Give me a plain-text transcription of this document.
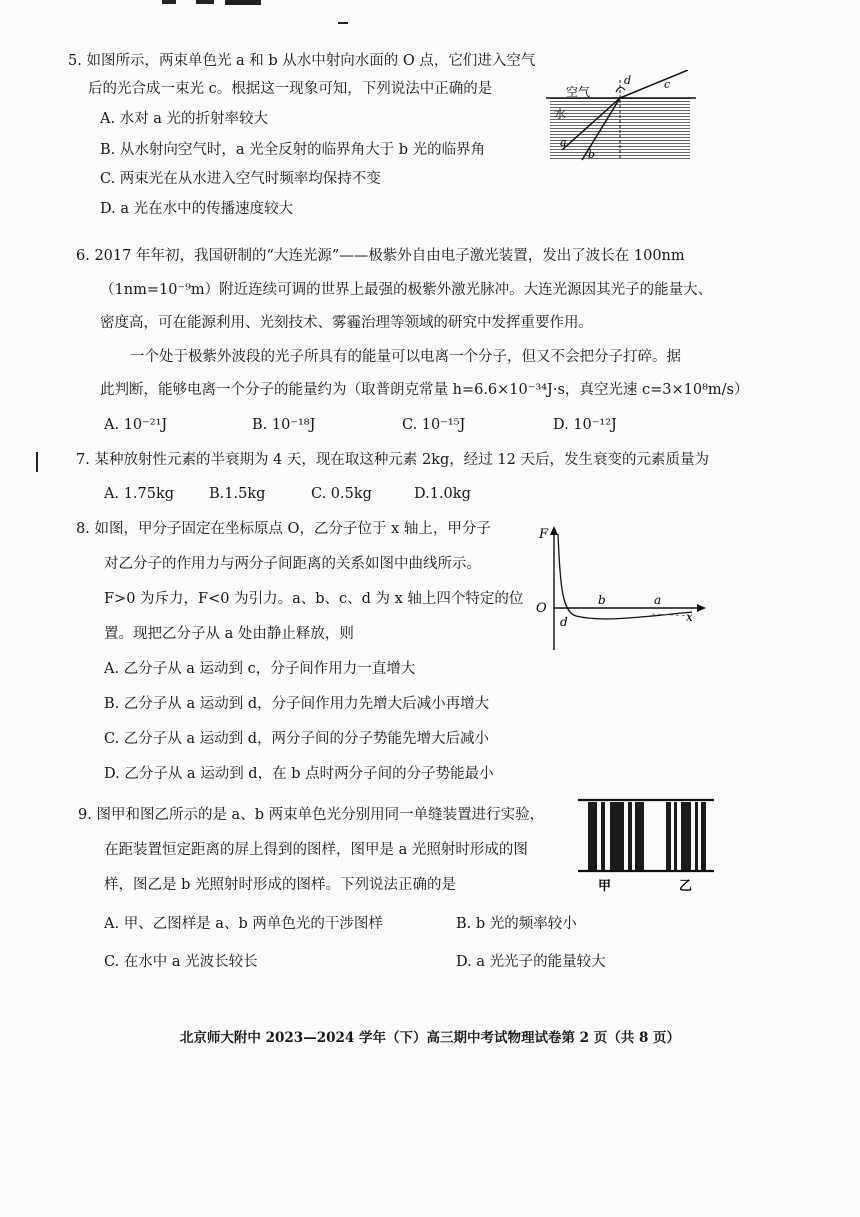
5. 如图所示，两束单色光 a 和 b 从水中射向水面的 O 点，它们进入空气
后的光合成一束光 c。根据这一现象可知，下列说法中正确的是
A. 水对 a 光的折射率较大
B. 从水射向空气时，a 光全反射的临界角大于 b 光的临界角
C. 两束光在从水进入空气时频率均保持不变
D. a 光在水中的传播速度较大
空气
水
c
d
a
b
6. 2017 年年初，我国研制的“大连光源”——极紫外自由电子激光装置，发出了波长在 100nm
（1nm=10⁻⁹m）附近连续可调的世界上最强的极紫外激光脉冲。大连光源因其光子的能量大、
密度高，可在能源利用、光刻技术、雾霾治理等领域的研究中发挥重要作用。
一个处于极紫外波段的光子所具有的能量可以电离一个分子，但又不会把分子打碎。据
此判断，能够电离一个分子的能量约为（取普朗克常量 h=6.6×10⁻³⁴J·s，真空光速 c=3×10⁸m/s）
A. 10⁻²¹J	B. 10⁻¹⁸J	C. 10⁻¹⁵J	D. 10⁻¹²J
7. 某种放射性元素的半衰期为 4 天，现在取这种元素 2kg，经过 12 天后，发生衰变的元素质量为
A. 1.75kg B.1.5kg	C. 0.5kg	D.1.0kg
8. 如图，甲分子固定在坐标原点 O，乙分子位于 x 轴上，甲分子
对乙分子的作用力与两分子间距离的关系如图中曲线所示。
F>0 为斥力，F<0 为引力。a、b、c、d 为 x 轴上四个特定的位
置。现把乙分子从 a 处由静止释放，则
A. 乙分子从 a 运动到 c，分子间作用力一直增大
B. 乙分子从 a 运动到 d，分子间作用力先增大后减小再增大
C. 乙分子从 a 运动到 d，两分子间的分子势能先增大后减小
D. 乙分子从 a 运动到 d，在 b 点时两分子间的分子势能最小
F
O
b	a
d	x
9. 图甲和图乙所示的是 a、b 两束单色光分别用同一单缝装置进行实验，
在距装置恒定距离的屏上得到的图样，图甲是 a 光照射时形成的图
样，图乙是 b 光照射时形成的图样。下列说法正确的是
A. 甲、乙图样是 a、b 两单色光的干涉图样	B. b 光的频率较小
C. 在水中 a 光波长较长	D. a 光光子的能量较大
甲	乙
北京师大附中 2023—2024 学年（下）高三期中考试物理试卷第 2 页（共 8 页）
